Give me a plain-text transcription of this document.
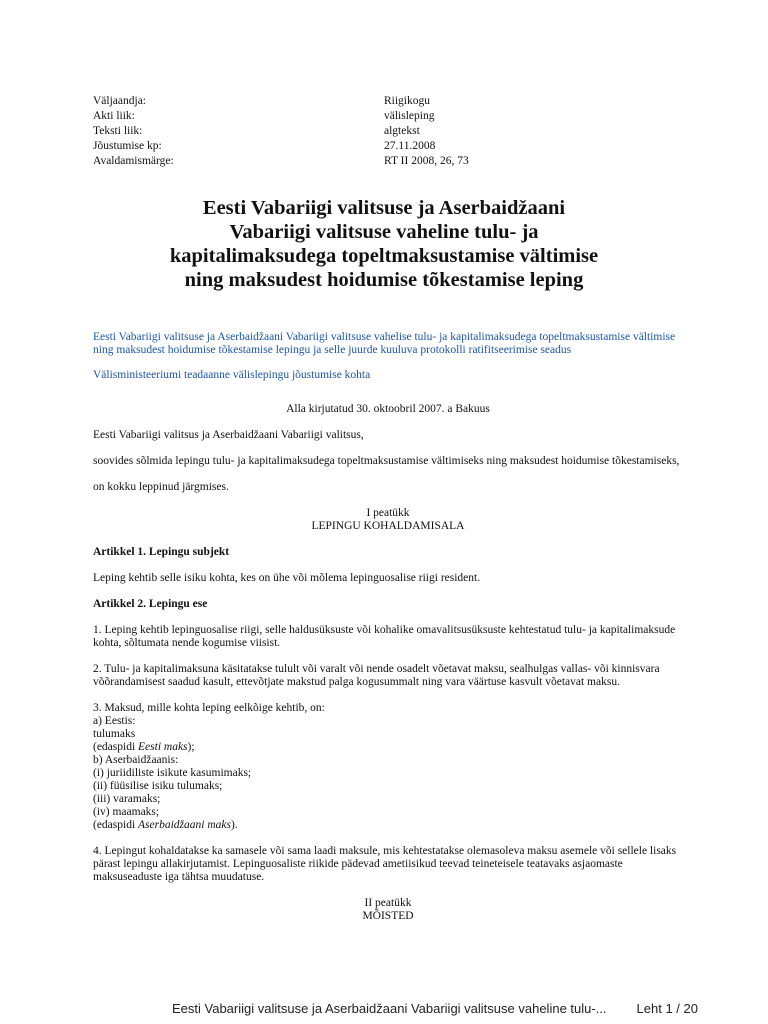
Väljaandja:	Riigikogu
Akti liik:	välisleping
Teksti liik:	algtekst
Jõustumise kp:	27.11.2008
Avaldamismärge:	RT II 2008, 26, 73
Eesti Vabariigi valitsuse ja Aserbaidžaani
Vabariigi valitsuse vaheline tulu- ja
kapitalimaksudega topeltmaksustamise vältimise
ning maksudest hoidumise tõkestamise leping
Eesti Vabariigi valitsuse ja Aserbaidžaani Vabariigi valitsuse vahelise tulu- ja kapitalimaksudega topeltmaksustamise vältimise ning maksudest hoidumise tõkestamise lepingu ja selle juurde kuuluva protokolli ratifitseerimise seadus
Välisministeeriumi teadaanne välislepingu jõustumise kohta

Alla kirjutatud 30. oktoobril 2007. a Bakuus

Eesti Vabariigi valitsus ja Aserbaidžaani Vabariigi valitsus,

soovides sõlmida lepingu tulu- ja kapitalimaksudega topeltmaksustamise vältimiseks ning maksudest hoidumise tõkestamiseks,

on kokku leppinud järgmises.

I peatükk

LEPINGU KOHALDAMISALA

Artikkel 1. Lepingu subjekt

Leping kehtib selle isiku kohta, kes on ühe või mõlema lepinguosalise riigi resident.

Artikkel 2. Lepingu ese

1. Leping kehtib lepinguosalise riigi, selle haldusüksuste või kohalike omavalitsusüksuste kehtestatud tulu- ja kapitalimaksude kohta, sõltumata nende kogumise viisist.

2. Tulu- ja kapitalimaksuna käsitatakse tulult või varalt või nende osadelt võetavat maksu, sealhulgas vallas- või kinnisvara võõrandamisest saadud kasult, ettevõtjate makstud palga kogusummalt ning vara väärtuse kasvult võetavat maksu.

3. Maksud, mille kohta leping eelkõige kehtib, on:

a) Eestis:

tulumaks

(edaspidi Eesti maks);

b) Aserbaidžaanis:

(i) juriidiliste isikute kasumimaks;

(ii) füüsilise isiku tulumaks;

(iii) varamaks;

(iv) maamaks;

(edaspidi Aserbaidžaani maks).

4. Lepingut kohaldatakse ka samasele või sama laadi maksule, mis kehtestatakse olemasoleva maksu asemele või sellele lisaks pärast lepingu allakirjutamist. Lepinguosaliste riikide pädevad ametiisikud teevad teineteisele teatavaks asjaomaste maksuseaduste iga tähtsa muudatuse.

II peatükk

MÕISTED

Eesti Vabariigi valitsuse ja Aserbaidžaani Vabariigi valitsuse vaheline tulu-... Leht 1 / 20
